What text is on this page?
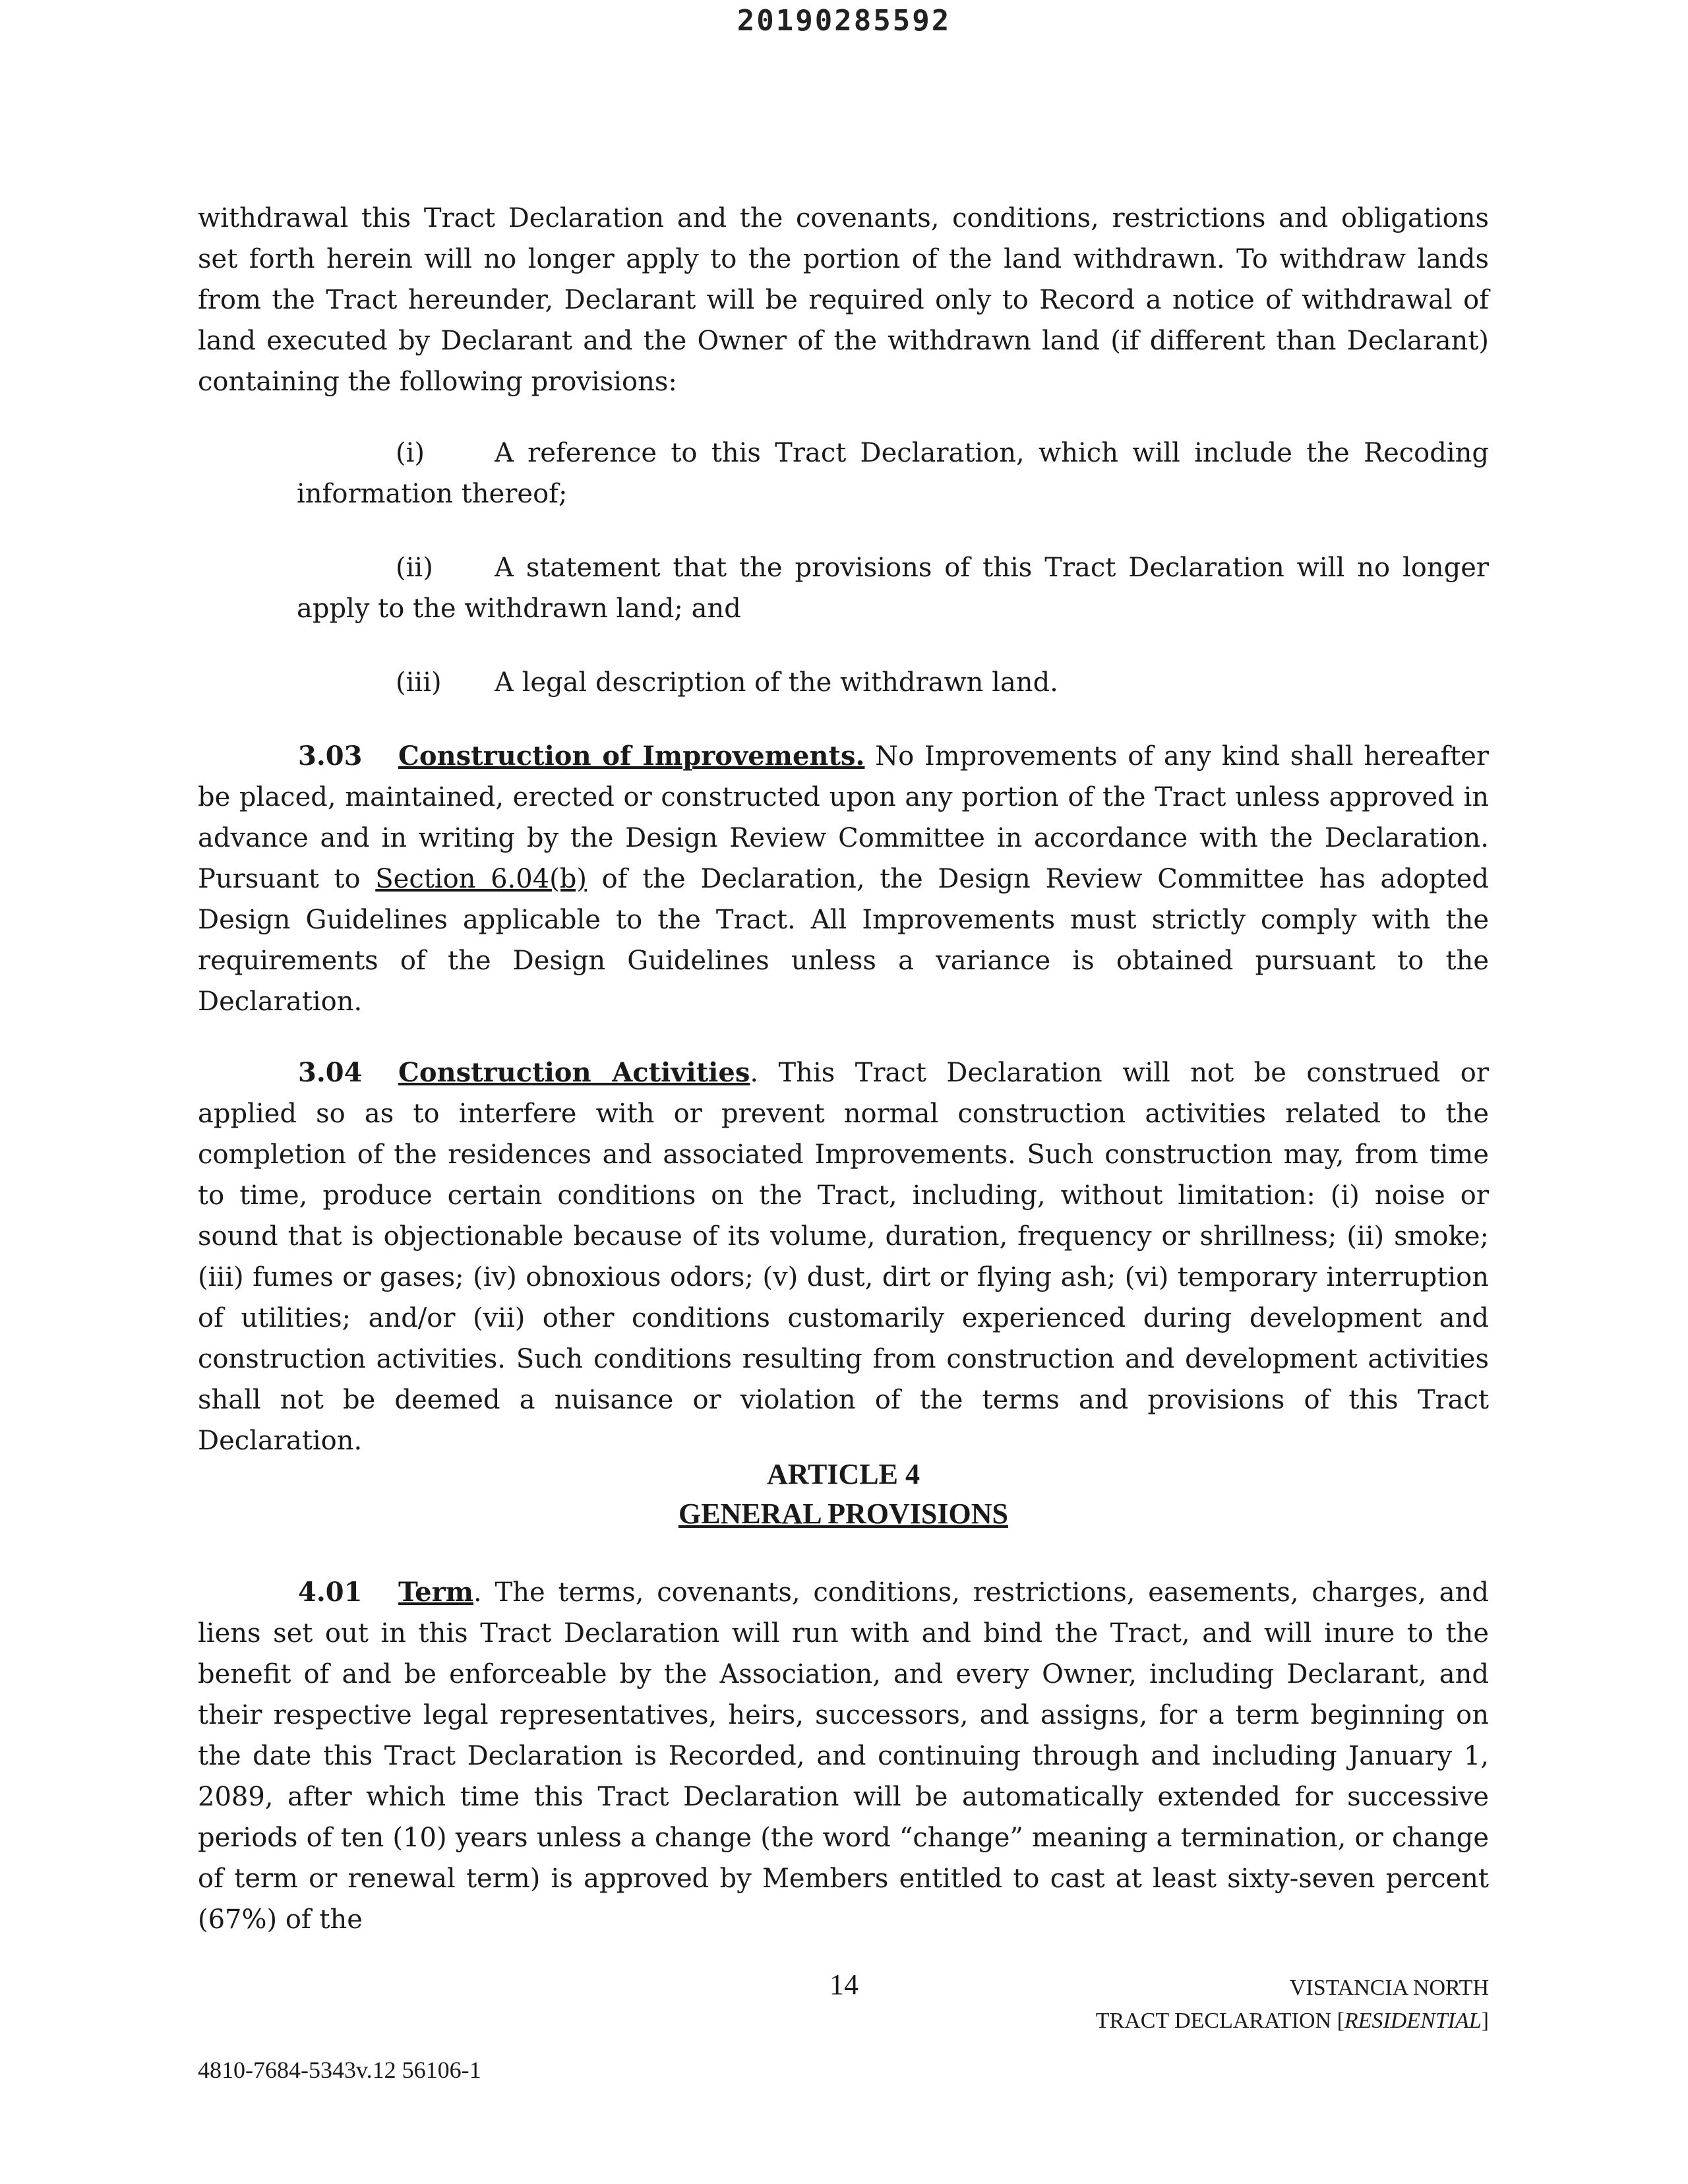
20190285592

withdrawal this Tract Declaration and the covenants, conditions, restrictions and obligations set forth herein will no longer apply to the portion of the land withdrawn. To withdraw lands from the Tract hereunder, Declarant will be required only to Record a notice of withdrawal of land executed by Declarant and the Owner of the withdrawn land (if different than Declarant) containing the following provisions:

(i)	A reference to this Tract Declaration, which will include the Recoding information thereof;

(ii) A statement that the provisions of this Tract Declaration will no longer apply to the withdrawn land; and

(iii) A legal description of the withdrawn land.

3.03 Construction of Improvements. No Improvements of any kind shall hereafter be placed, maintained, erected or constructed upon any portion of the Tract unless approved in advance and in writing by the Design Review Committee in accordance with the Declaration. Pursuant to Section 6.04(b) of the Declaration, the Design Review Committee has adopted Design Guidelines applicable to the Tract. All Improvements must strictly comply with the requirements of the Design Guidelines unless a variance is obtained pursuant to the Declaration.

3.04 Construction Activities. This Tract Declaration will not be construed or applied so as to interfere with or prevent normal construction activities related to the completion of the residences and associated Improvements. Such construction may, from time to time, produce certain conditions on the Tract, including, without limitation: (i) noise or sound that is objectionable because of its volume, duration, frequency or shrillness; (ii) smoke; (iii) fumes or gases; (iv) obnoxious odors; (v) dust, dirt or flying ash; (vi) temporary interruption of utilities; and/or (vii) other conditions customarily experienced during development and construction activities. Such conditions resulting from construction and development activities shall not be deemed a nuisance or violation of the terms and provisions of this Tract Declaration.

ARTICLE 4
GENERAL PROVISIONS

4.01 Term. The terms, covenants, conditions, restrictions, easements, charges, and liens set out in this Tract Declaration will run with and bind the Tract, and will inure to the benefit of and be enforceable by the Association, and every Owner, including Declarant, and their respective legal representatives, heirs, successors, and assigns, for a term beginning on the date this Tract Declaration is Recorded, and continuing through and including January 1, 2089, after which time this Tract Declaration will be automatically extended for successive periods of ten (10) years unless a change (the word “change” meaning a termination, or change of term or renewal term) is approved by Members entitled to cast at least sixty-seven percent (67%) of the

14	VISTANCIA NORTH
TRACT DECLARATION [RESIDENTIAL]
4810-7684-5343v.12 56106-1
